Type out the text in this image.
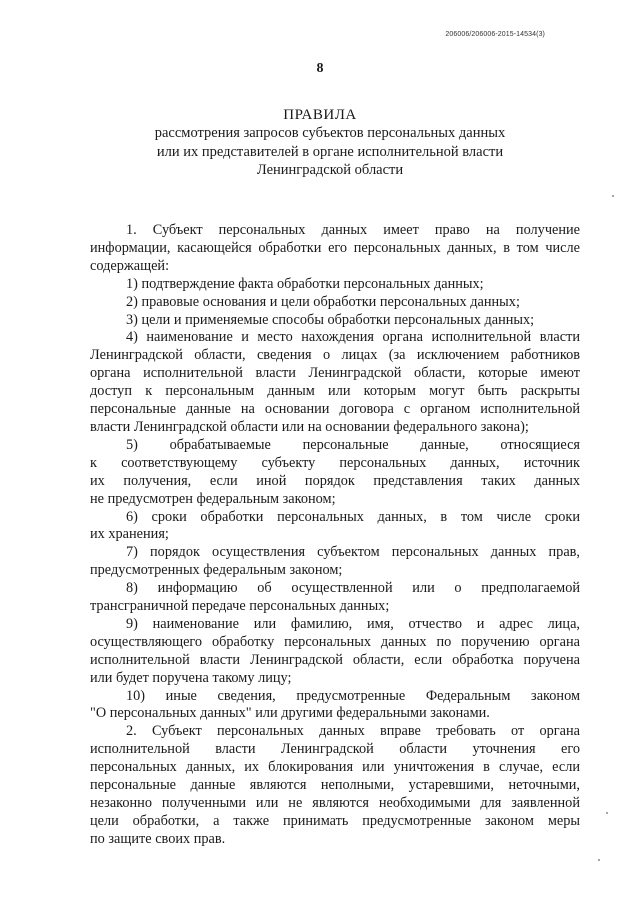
206006/206006-2015-14534(3)
8
ПРАВИЛА
рассмотрения запросов субъектов персональных данных
или их представителей в органе исполнительной власти
Ленинградской области
1. Субъект персональных данных имеет право на получение
информации, касающейся обработки его персональных данных, в том числе
содержащей:
1) подтверждение факта обработки персональных данных;
2) правовые основания и цели обработки персональных данных;
3) цели и применяемые способы обработки персональных данных;
4) наименование и место нахождения органа исполнительной власти
Ленинградской области, сведения о лицах (за исключением работников
органа исполнительной власти Ленинградской области, которые имеют
доступ к персональным данным или которым могут быть раскрыты
персональные данные на основании договора с органом исполнительной
власти Ленинградской области или на основании федерального закона);
5) обрабатываемые персональные данные, относящиеся
к соответствующему субъекту персональных данных, источник
их получения, если иной порядок представления таких данных
не предусмотрен федеральным законом;
6) сроки обработки персональных данных, в том числе сроки
их хранения;
7) порядок осуществления субъектом персональных данных прав,
предусмотренных федеральным законом;
8) информацию об осуществленной или о предполагаемой
трансграничной передаче персональных данных;
9) наименование или фамилию, имя, отчество и адрес лица,
осуществляющего обработку персональных данных по поручению органа
исполнительной власти Ленинградской области, если обработка поручена
или будет поручена такому лицу;
10) иные сведения, предусмотренные Федеральным законом
"О персональных данных" или другими федеральными законами.
2. Субъект персональных данных вправе требовать от органа
исполнительной власти Ленинградской области уточнения его
персональных данных, их блокирования или уничтожения в случае, если
персональные данные являются неполными, устаревшими, неточными,
незаконно полученными или не являются необходимыми для заявленной
цели обработки, а также принимать предусмотренные законом меры
по защите своих прав.
